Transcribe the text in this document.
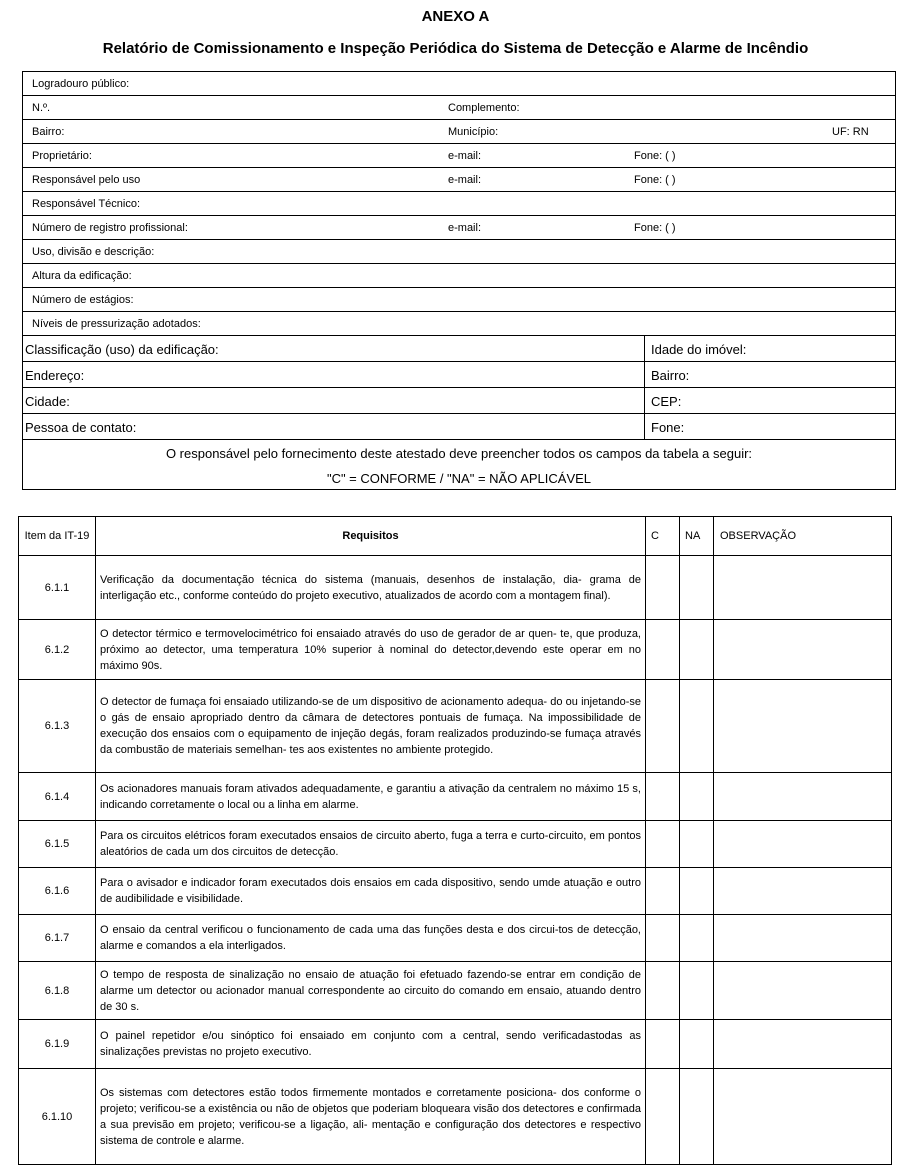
ANEXO A
Relatório de Comissionamento e Inspeção Periódica do Sistema de Detecção e Alarme de Incêndio
Logradouro público:
N.º.	Complemento:
Bairro:	Município:	UF: RN
Proprietário:	e-mail:	Fone: ( )
Responsável pelo uso	e-mail:	Fone: ( )
Responsável Técnico:
Número de registro profissional:	e-mail:	Fone: ( )
Uso, divisão e descrição:
Altura da edificação:
Número de estágios:
Níveis de pressurização adotados:
Classificação (uso) da edificação:	Idade do imóvel:
Endereço:	Bairro:
Cidade:	CEP:
Pessoa de contato:	Fone:
O responsável pelo fornecimento deste atestado deve preencher todos os campos da tabela a seguir:
"C" = CONFORME / "NA" = NÃO APLICÁVEL
Item da IT-19	Requisitos	C	NA	OBSERVAÇÃO
6.1.1	Verificação da documentação técnica do sistema (manuais, desenhos de instalação, dia- grama de interligação etc., conforme conteúdo do projeto executivo, atualizados de acordo com a montagem final).			
6.1.2	O detector térmico e termovelocimétrico foi ensaiado através do uso de gerador de ar quen- te, que produza, próximo ao detector, uma temperatura 10% superior à nominal do detector,devendo este operar em no máximo 90s.			
6.1.3	O detector de fumaça foi ensaiado utilizando-se de um dispositivo de acionamento adequa- do ou injetando-se o gás de ensaio apropriado dentro da câmara de detectores pontuais de fumaça. Na impossibilidade de execução dos ensaios com o equipamento de injeção degás, foram realizados produzindo-se fumaça através da combustão de materiais semelhan- tes aos existentes no ambiente protegido.			
6.1.4	Os acionadores manuais foram ativados adequadamente, e garantiu a ativação da centralem no máximo 15 s, indicando corretamente o local ou a linha em alarme.			
6.1.5	Para os circuitos elétricos foram executados ensaios de circuito aberto, fuga a terra e curto-circuito, em pontos aleatórios de cada um dos circuitos de detecção.			
6.1.6	Para o avisador e indicador foram executados dois ensaios em cada dispositivo, sendo umde atuação e outro de audibilidade e visibilidade.			
6.1.7	O ensaio da central verificou o funcionamento de cada uma das funções desta e dos circui-tos de detecção, alarme e comandos a ela interligados.			
6.1.8	O tempo de resposta de sinalização no ensaio de atuação foi efetuado fazendo-se entrar em condição de alarme um detector ou acionador manual correspondente ao circuito do comando em ensaio, atuando dentro de 30 s.			
6.1.9	O painel repetidor e/ou sinóptico foi ensaiado em conjunto com a central, sendo verificadastodas as sinalizações previstas no projeto executivo.			
6.1.10	Os sistemas com detectores estão todos firmemente montados e corretamente posiciona- dos conforme o projeto; verificou-se a existência ou não de objetos que poderiam bloqueara visão dos detectores e confirmada a sua previsão em projeto; verificou-se a ligação, ali- mentação e configuração dos detectores e respectivo sistema de controle e alarme.			
